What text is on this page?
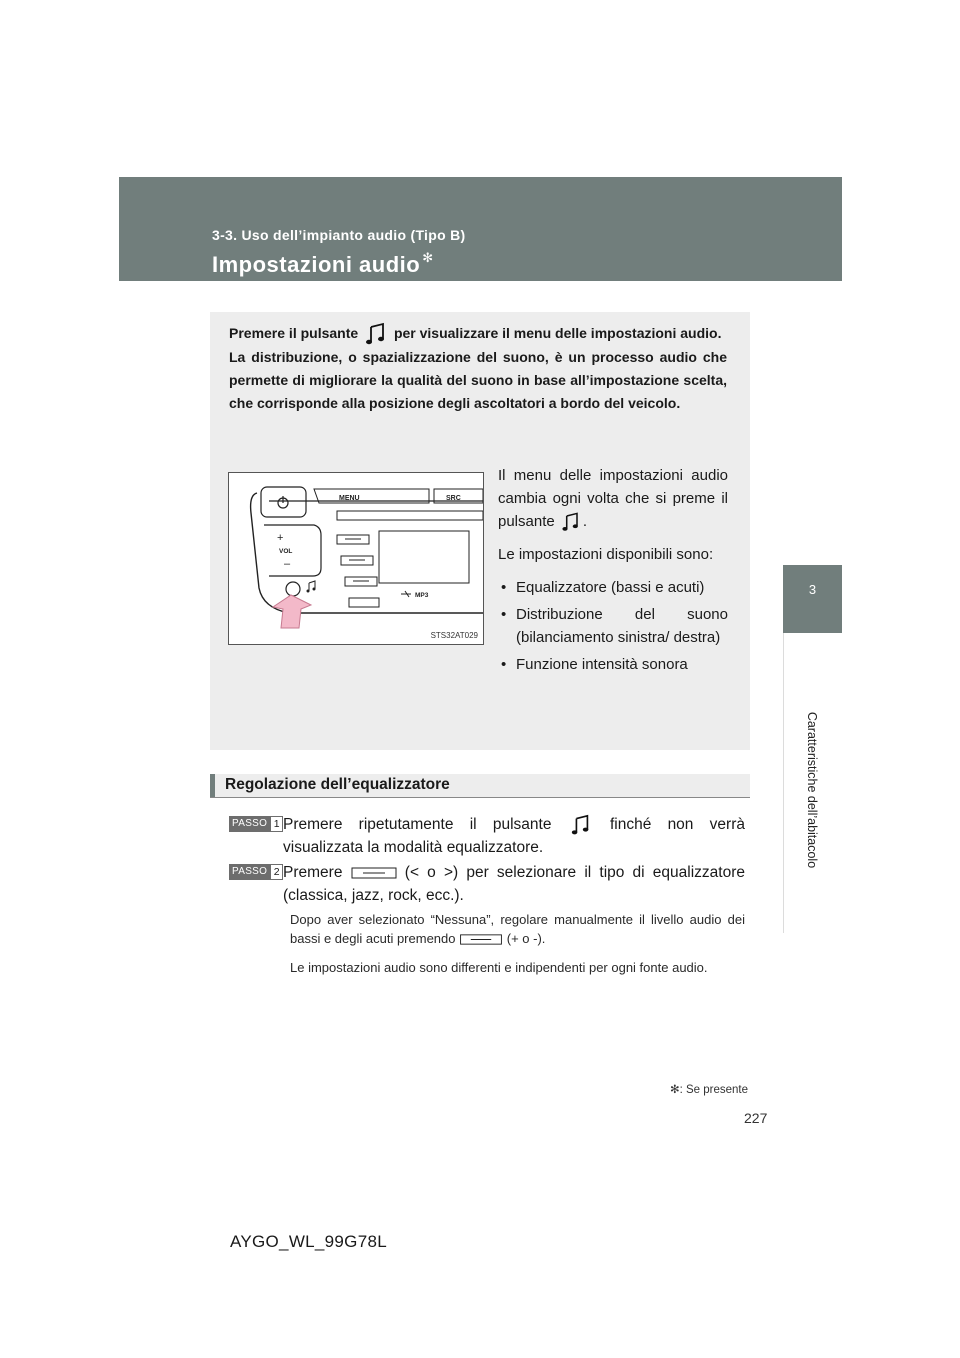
3-3. Uso dell’impianto audio (Tipo B)
Impostazioni audio ✻
3
Caratteristiche dell’abitacolo

Premere il pulsante	per visualizzare il menu delle impostazioni audio.

La distribuzione, o spazializzazione del suono, è un processo audio che permette di migliorare la qualità del suono in base all’impostazione scelta, che corrisponde alla posizione degli ascoltatori a bordo del veicolo.

MENU	SRC
VOL
+
–
MP3
STS32AT029

Il menu delle impostazioni audio cambia ogni volta che si preme il pulsante .

Le impostazioni disponibili sono:

• Equalizzatore (bassi e acuti)
• Distribuzione del suono (bilanciamento sinistra/ destra)
• Funzione intensità sonora
Regolazione dell’equalizzatore
PASSO 1 Premere ripetutamente il pulsante	finché non verrà visualizzata la modalità equalizzatore.
PASSO 2 Premere	(< o >) per selezionare il tipo di equalizzatore (classica, jazz, rock, ecc.).
Dopo aver selezionato “Nessuna”, regolare manualmente il livello audio dei bassi e degli acuti premendo	(+ o -).
Le impostazioni audio sono differenti e indipendenti per ogni fonte audio.
✻: Se presente
227
AYGO_WL_99G78L
